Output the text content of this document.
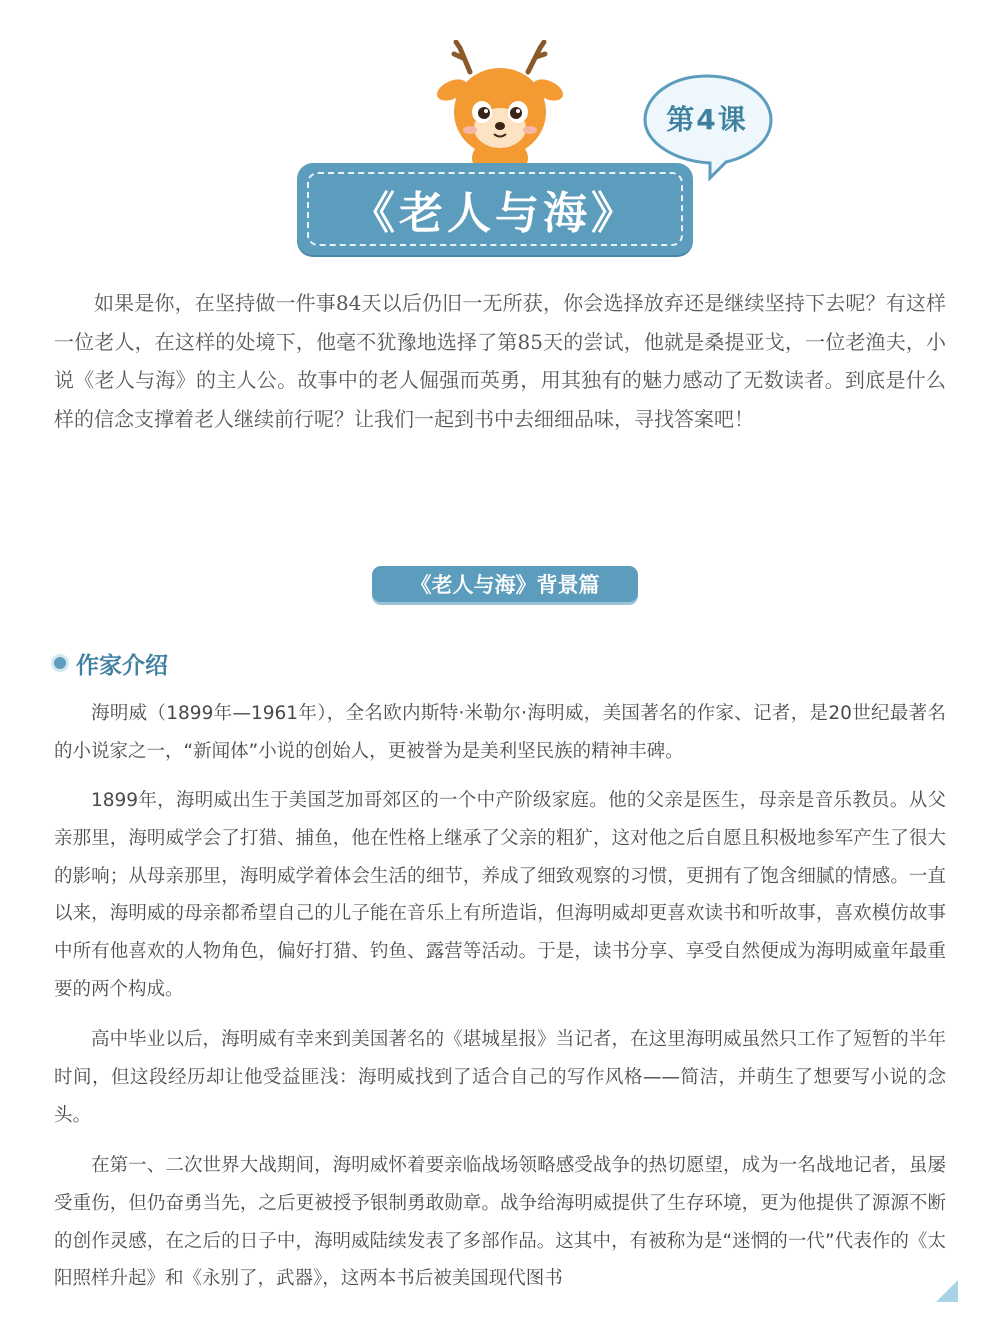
第4课
《老人与海》

如果是你，在坚持做一件事84天以后仍旧一无所获，你会选择放弃还是继续坚持下去呢？有这样一位老人，在这样的处境下，他毫不犹豫地选择了第85天的尝试，他就是桑提亚戈，一位老渔夫，小说《老人与海》的主人公。故事中的老人倔强而英勇，用其独有的魅力感动了无数读者。到底是什么样的信念支撑着老人继续前行呢？让我们一起到书中去细细品味，寻找答案吧！

《老人与海》背景篇
作家介绍

海明威（1899年—1961年），全名欧内斯特·米勒尔·海明威，美国著名的作家、记者，是20世纪最著名的小说家之一，“新闻体”小说的创始人，更被誉为是美利坚民族的精神丰碑。

1899年，海明威出生于美国芝加哥郊区的一个中产阶级家庭。他的父亲是医生，母亲是音乐教员。从父亲那里，海明威学会了打猎、捕鱼，他在性格上继承了父亲的粗犷，这对他之后自愿且积极地参军产生了很大的影响；从母亲那里，海明威学着体会生活的细节，养成了细致观察的习惯，更拥有了饱含细腻的情感。一直以来，海明威的母亲都希望自己的儿子能在音乐上有所造诣，但海明威却更喜欢读书和听故事，喜欢模仿故事中所有他喜欢的人物角色，偏好打猎、钓鱼、露营等活动。于是，读书分享、享受自然便成为海明威童年最重要的两个构成。

高中毕业以后，海明威有幸来到美国著名的《堪城星报》当记者，在这里海明威虽然只工作了短暂的半年时间，但这段经历却让他受益匪浅：海明威找到了适合自己的写作风格——简洁，并萌生了想要写小说的念头。

在第一、二次世界大战期间，海明威怀着要亲临战场领略感受战争的热切愿望，成为一名战地记者，虽屡受重伤，但仍奋勇当先，之后更被授予银制勇敢勋章。战争给海明威提供了生存环境，更为他提供了源源不断的创作灵感，在之后的日子中，海明威陆续发表了多部作品。这其中，有被称为是“迷惘的一代”代表作的《太阳照样升起》和《永别了，武器》，这两本书后被美国现代图书
